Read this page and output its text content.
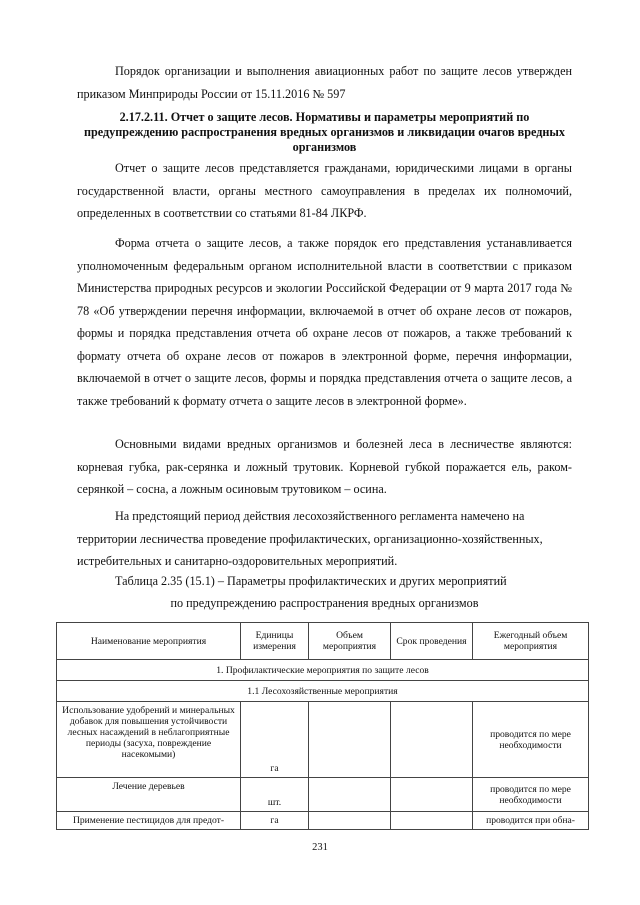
Порядок организации и выполнения авиационных работ по защите лесов утвержден приказом Минприроды России от 15.11.2016 № 597

2.17.2.11. Отчет о защите лесов. Нормативы и параметры мероприятий по предупреждению распространения вредных организмов и ликвидации очагов вредных организмов

Отчет о защите лесов представляется гражданами, юридическими лицами в органы государственной власти, органы местного самоуправления в пределах их полномочий, определенных в соответствии со статьями 81-84 ЛКРФ.

Форма отчета о защите лесов, а также порядок его представления устанавливается уполномоченным федеральным органом исполнительной власти в соответствии с приказом Министерства природных ресурсов и экологии Российской Федерации от 9 марта 2017 года № 78 «Об утверждении перечня информации, включаемой в отчет об охране лесов от пожаров, формы и порядка представления отчета об охране лесов от пожаров, а также требований к формату отчета об охране лесов от пожаров в электронной форме, перечня информации, включаемой в отчет о защите лесов, формы и порядка представления отчета о защите лесов, а также требований к формату отчета о защите лесов в электронной форме».

Основными видами вредных организмов и болезней леса в лесничестве являются: корневая губка, рак-серянка и ложный трутовик. Корневой губкой поражается ель, раком-серянкой – сосна, а ложным осиновым трутовиком – осина.

На предстоящий период действия лесохозяйственного регламента намечено на территории лесничества проведение профилактических, организационно-хозяйственных, истребительных и санитарно-оздоровительных мероприятий.

Таблица 2.35 (15.1) – Параметры профилактических и других мероприятий

по предупреждению распространения вредных организмов

Наименование мероприятия	Единицы измерения	Объем мероприятия	Срок проведения	Ежегодный объем мероприятия
1. Профилактические мероприятия по защите лесов				
1.1 Лесохозяйственные мероприятия				
Использование удобрений и минеральных добавок для повышения устойчивости лесных насаждений в неблагоприятные периоды (засуха, повреждение насекомыми)	га			проводится по мере необходимости
Лечение деревьев	шт.			проводится по мере необходимости
Применение пестицидов для предот-	га			проводится при обна-
231
